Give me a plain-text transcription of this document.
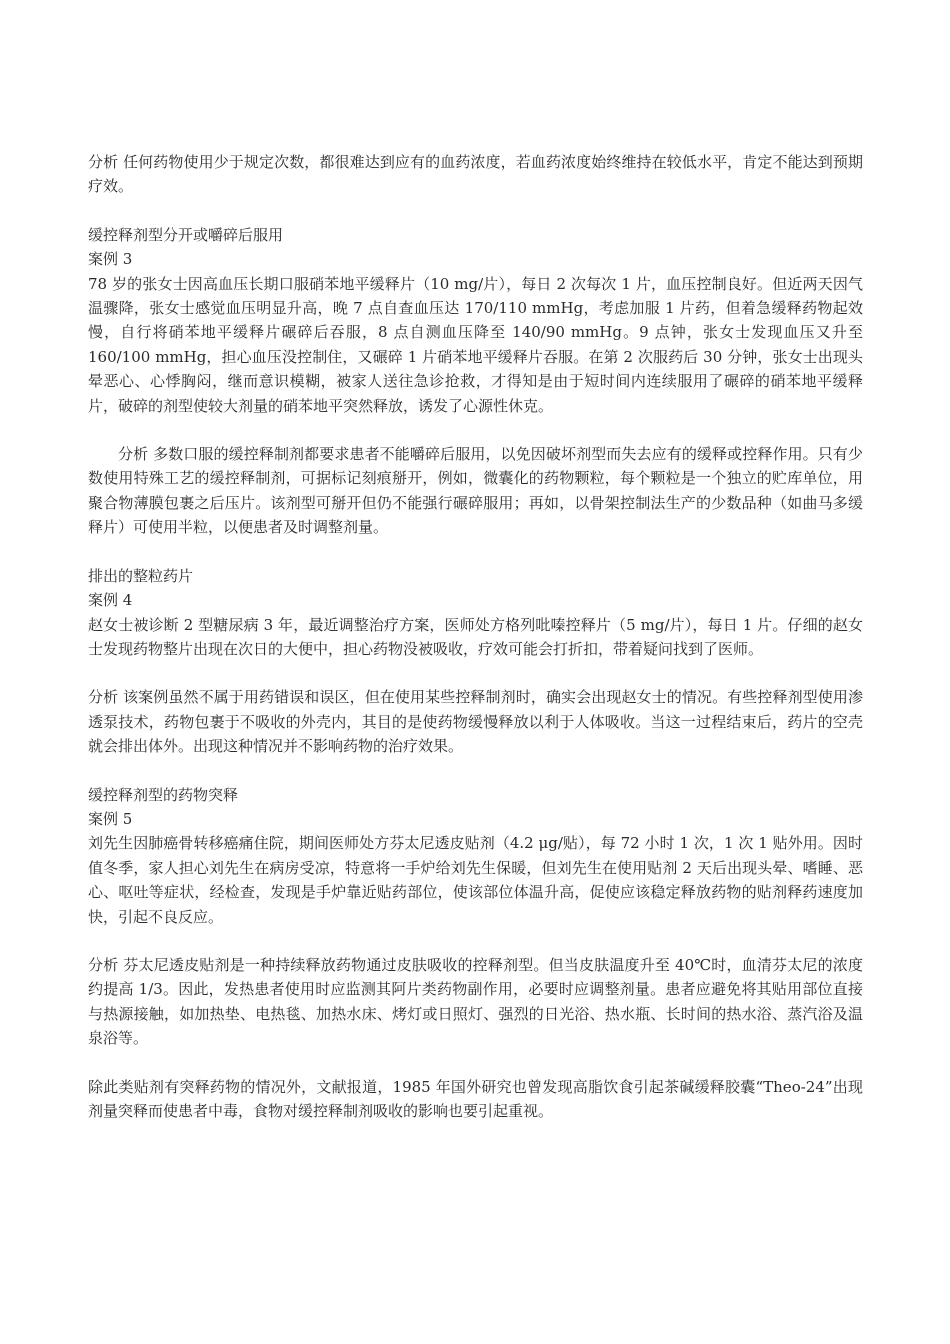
分析 任何药物使用少于规定次数，都很难达到应有的血药浓度，若血药浓度始终维持在较低水平，肯定不能达到预期疗效。

缓控释剂型分开或嚼碎后服用

案例 3

78 岁的张女士因高血压长期口服硝苯地平缓释片（10 mg/片），每日 2 次每次 1 片，血压控制良好。但近两天因气温骤降，张女士感觉血压明显升高，晚 7 点自查血压达 170/110 mmHg，考虑加服 1 片药，但着急缓释药物起效慢，自行将硝苯地平缓释片碾碎后吞服，8 点自测血压降至 140/90 mmHg。9 点钟，张女士发现血压又升至 160/100 mmHg，担心血压没控制住，又碾碎 1 片硝苯地平缓释片吞服。在第 2 次服药后 30 分钟，张女士出现头晕恶心、心悸胸闷，继而意识模糊，被家人送往急诊抢救，才得知是由于短时间内连续服用了碾碎的硝苯地平缓释片，破碎的剂型使较大剂量的硝苯地平突然释放，诱发了心源性休克。

分析 多数口服的缓控释制剂都要求患者不能嚼碎后服用，以免因破坏剂型而失去应有的缓释或控释作用。只有少数使用特殊工艺的缓控释制剂，可据标记刻痕掰开，例如，微囊化的药物颗粒，每个颗粒是一个独立的贮库单位，用聚合物薄膜包裹之后压片。该剂型可掰开但仍不能强行碾碎服用；再如，以骨架控制法生产的少数品种（如曲马多缓释片）可使用半粒，以便患者及时调整剂量。

排出的整粒药片

案例 4

赵女士被诊断 2 型糖尿病 3 年，最近调整治疗方案，医师处方格列吡嗪控释片（5 mg/片），每日 1 片。仔细的赵女士发现药物整片出现在次日的大便中，担心药物没被吸收，疗效可能会打折扣，带着疑问找到了医师。

分析 该案例虽然不属于用药错误和误区，但在使用某些控释制剂时，确实会出现赵女士的情况。有些控释剂型使用渗透泵技术，药物包裹于不吸收的外壳内，其目的是使药物缓慢释放以利于人体吸收。当这一过程结束后，药片的空壳就会排出体外。出现这种情况并不影响药物的治疗效果。

缓控释剂型的药物突释

案例 5

刘先生因肺癌骨转移癌痛住院，期间医师处方芬太尼透皮贴剂（4.2 μg/贴），每 72 小时 1 次，1 次 1 贴外用。因时值冬季，家人担心刘先生在病房受凉，特意将一手炉给刘先生保暖，但刘先生在使用贴剂 2 天后出现头晕、嗜睡、恶心、呕吐等症状，经检查，发现是手炉靠近贴药部位，使该部位体温升高，促使应该稳定释放药物的贴剂释药速度加快，引起不良反应。

分析 芬太尼透皮贴剂是一种持续释放药物通过皮肤吸收的控释剂型。但当皮肤温度升至 40℃时，血清芬太尼的浓度约提高 1/3。因此，发热患者使用时应监测其阿片类药物副作用，必要时应调整剂量。患者应避免将其贴用部位直接与热源接触，如加热垫、电热毯、加热水床、烤灯或日照灯、强烈的日光浴、热水瓶、长时间的热水浴、蒸汽浴及温泉浴等。

除此类贴剂有突释药物的情况外，文献报道，1985 年国外研究也曾发现高脂饮食引起茶碱缓释胶囊“Theo-24”出现剂量突释而使患者中毒，食物对缓控释制剂吸收的影响也要引起重视。
